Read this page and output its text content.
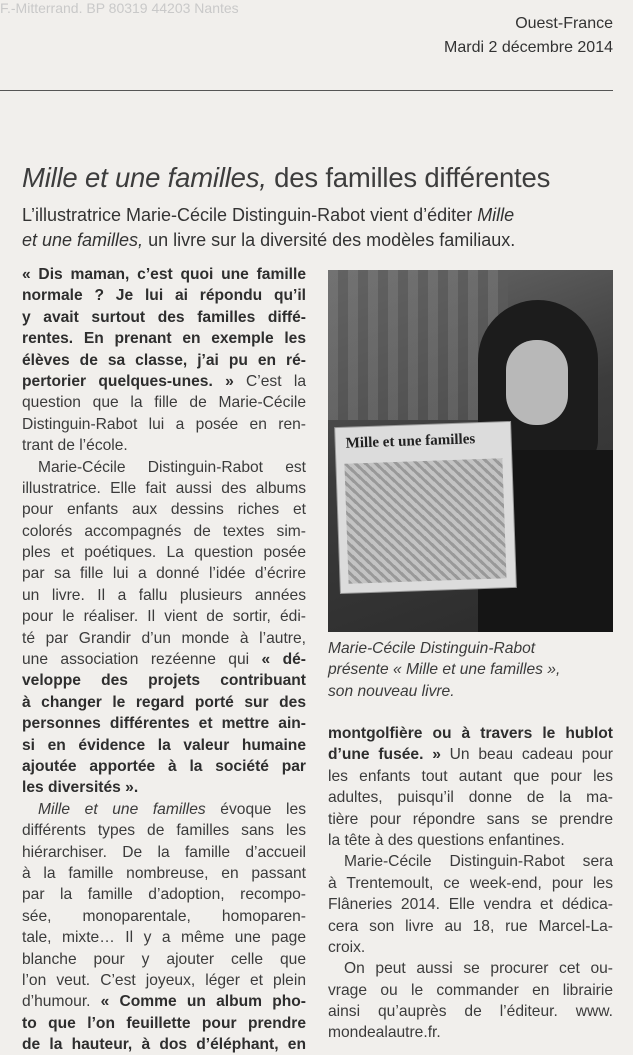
F.-Mitterrand. BP 80319 44203 Nantes
Ouest-France
Mardi 2 décembre 2014
Mille et une familles, des familles différentes
L’illustratrice Marie-Cécile Distinguin-Rabot vient d’éditer Mille
et une familles, un livre sur la diversité des modèles familiaux.
« Dis maman, c’est quoi une famille
normale ? Je lui ai répondu qu’il
y avait surtout des familles diffé-
rentes. En prenant en exemple les
élèves de sa classe, j’ai pu en ré-
pertorier quelques-unes. » C’est la
question que la fille de Marie-Cécile
Distinguin-Rabot lui a posée en ren-
trant de l’école.
Marie-Cécile Distinguin-Rabot est
illustratrice. Elle fait aussi des albums
pour enfants aux dessins riches et
colorés accompagnés de textes sim-
ples et poétiques. La question posée
par sa fille lui a donné l’idée d’écrire
un livre. Il a fallu plusieurs années
pour le réaliser. Il vient de sortir, édi-
té par Grandir d’un monde à l’autre,
une association rezéenne qui « dé-
veloppe des projets contribuant
à changer le regard porté sur des
personnes différentes et mettre ain-
si en évidence la valeur humaine
ajoutée apportée à la société par
les diversités ».
Mille et une familles évoque les
différents types de familles sans les
hiérarchiser. De la famille d’accueil
à la famille nombreuse, en passant
par la famille d’adoption, recompo-
sée, monoparentale, homoparen-
tale, mixte… Il y a même une page
blanche pour y ajouter celle que
l’on veut. C’est joyeux, léger et plein
d’humour. « Comme un album pho-
to que l’on feuillette pour prendre
de la hauteur, à dos d’éléphant, en
Mille et une familles
Marie-Cécile Distinguin-Rabot
présente « Mille et une familles »,
son nouveau livre.
montgolfière ou à travers le hublot
d’une fusée. » Un beau cadeau pour
les enfants tout autant que pour les
adultes, puisqu’il donne de la ma-
tière pour répondre sans se prendre
la tête à des questions enfantines.
Marie-Cécile Distinguin-Rabot sera
à Trentemoult, ce week-end, pour les
Flâneries 2014. Elle vendra et dédica-
cera son livre au 18, rue Marcel-La-
croix.
On peut aussi se procurer cet ou-
vrage ou le commander en librairie
ainsi qu’auprès de l’éditeur. www.
mondealautre.fr.
